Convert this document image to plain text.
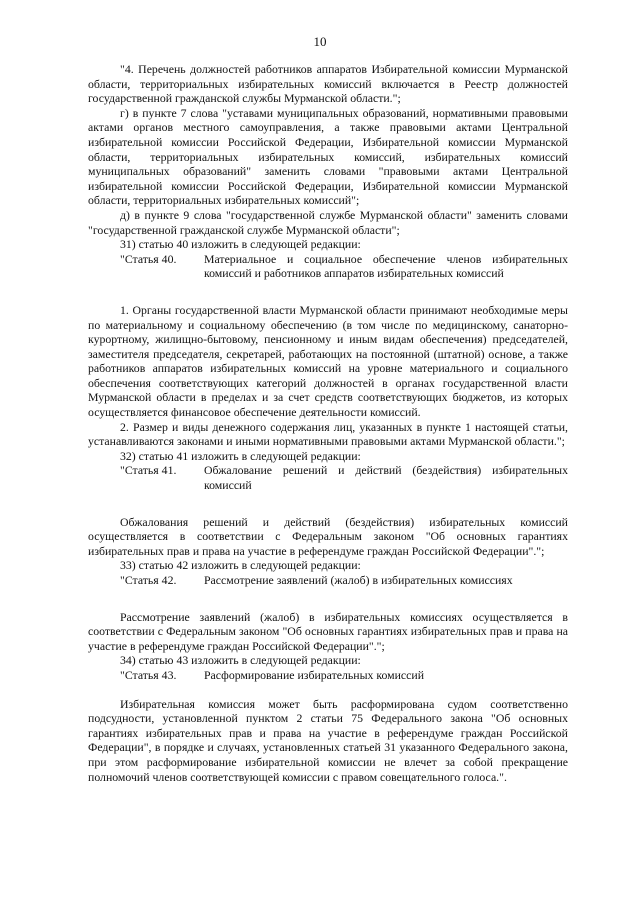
10

"4. Перечень должностей работников аппаратов Избирательной комиссии Мурманской области, территориальных избирательных комиссий включается в Реестр должностей государственной гражданской службы Мурманской области.";

г) в пункте 7 слова "уставами муниципальных образований, нормативными правовыми актами органов местного самоуправления, а также правовыми актами Центральной избирательной комиссии Российской Федерации, Избирательной комиссии Мурманской области, территориальных избирательных комиссий, избирательных комиссий муниципальных образований" заменить словами "правовыми актами Центральной избирательной комиссии Российской Федерации, Избирательной комиссии Мурманской области, территориальных избирательных комиссий";

д) в пункте 9 слова "государственной службе Мурманской области" заменить словами "государственной гражданской службе Мурманской области";

31) статью 40 изложить в следующей редакции:

"Статья 40.	Материальное и социальное обеспечение членов избирательных комиссий и работников аппаратов избирательных комиссий

1. Органы государственной власти Мурманской области принимают необходимые меры по материальному и социальному обеспечению (в том числе по медицинскому, санаторно-курортному, жилищно-бытовому, пенсионному и иным видам обеспечения) председателей, заместителя председателя, секретарей, работающих на постоянной (штатной) основе, а также работников аппаратов избирательных комиссий на уровне материального и социального обеспечения соответствующих категорий должностей в органах государственной власти Мурманской области в пределах и за счет средств соответствующих бюджетов, из которых осуществляется финансовое обеспечение деятельности комиссий.

2. Размер и виды денежного содержания лиц, указанных в пункте 1 настоящей статьи, устанавливаются законами и иными нормативными правовыми актами Мурманской области.";

32) статью 41 изложить в следующей редакции:

"Статья 41.	Обжалование решений и действий (бездействия) избирательных комиссий

Обжалования решений и действий (бездействия) избирательных комиссий осуществляется в соответствии с Федеральным законом "Об основных гарантиях избирательных прав и права на участие в референдуме граждан Российской Федерации".";

33) статью 42 изложить в следующей редакции:

"Статья 42.	Рассмотрение заявлений (жалоб) в избирательных комиссиях

Рассмотрение заявлений (жалоб) в избирательных комиссиях осуществляется в соответствии с Федеральным законом "Об основных гарантиях избирательных прав и права на участие в референдуме граждан Российской Федерации".";

34) статью 43 изложить в следующей редакции:

"Статья 43.	Расформирование избирательных комиссий

Избирательная комиссия может быть расформирована судом соответственно подсудности, установленной пунктом 2 статьи 75 Федерального закона "Об основных гарантиях избирательных прав и права на участие в референдуме граждан Российской Федерации", в порядке и случаях, установленных статьей 31 указанного Федерального закона, при этом расформирование избирательной комиссии не влечет за собой прекращение полномочий членов соответствующей комиссии с правом совещательного голоса.".
